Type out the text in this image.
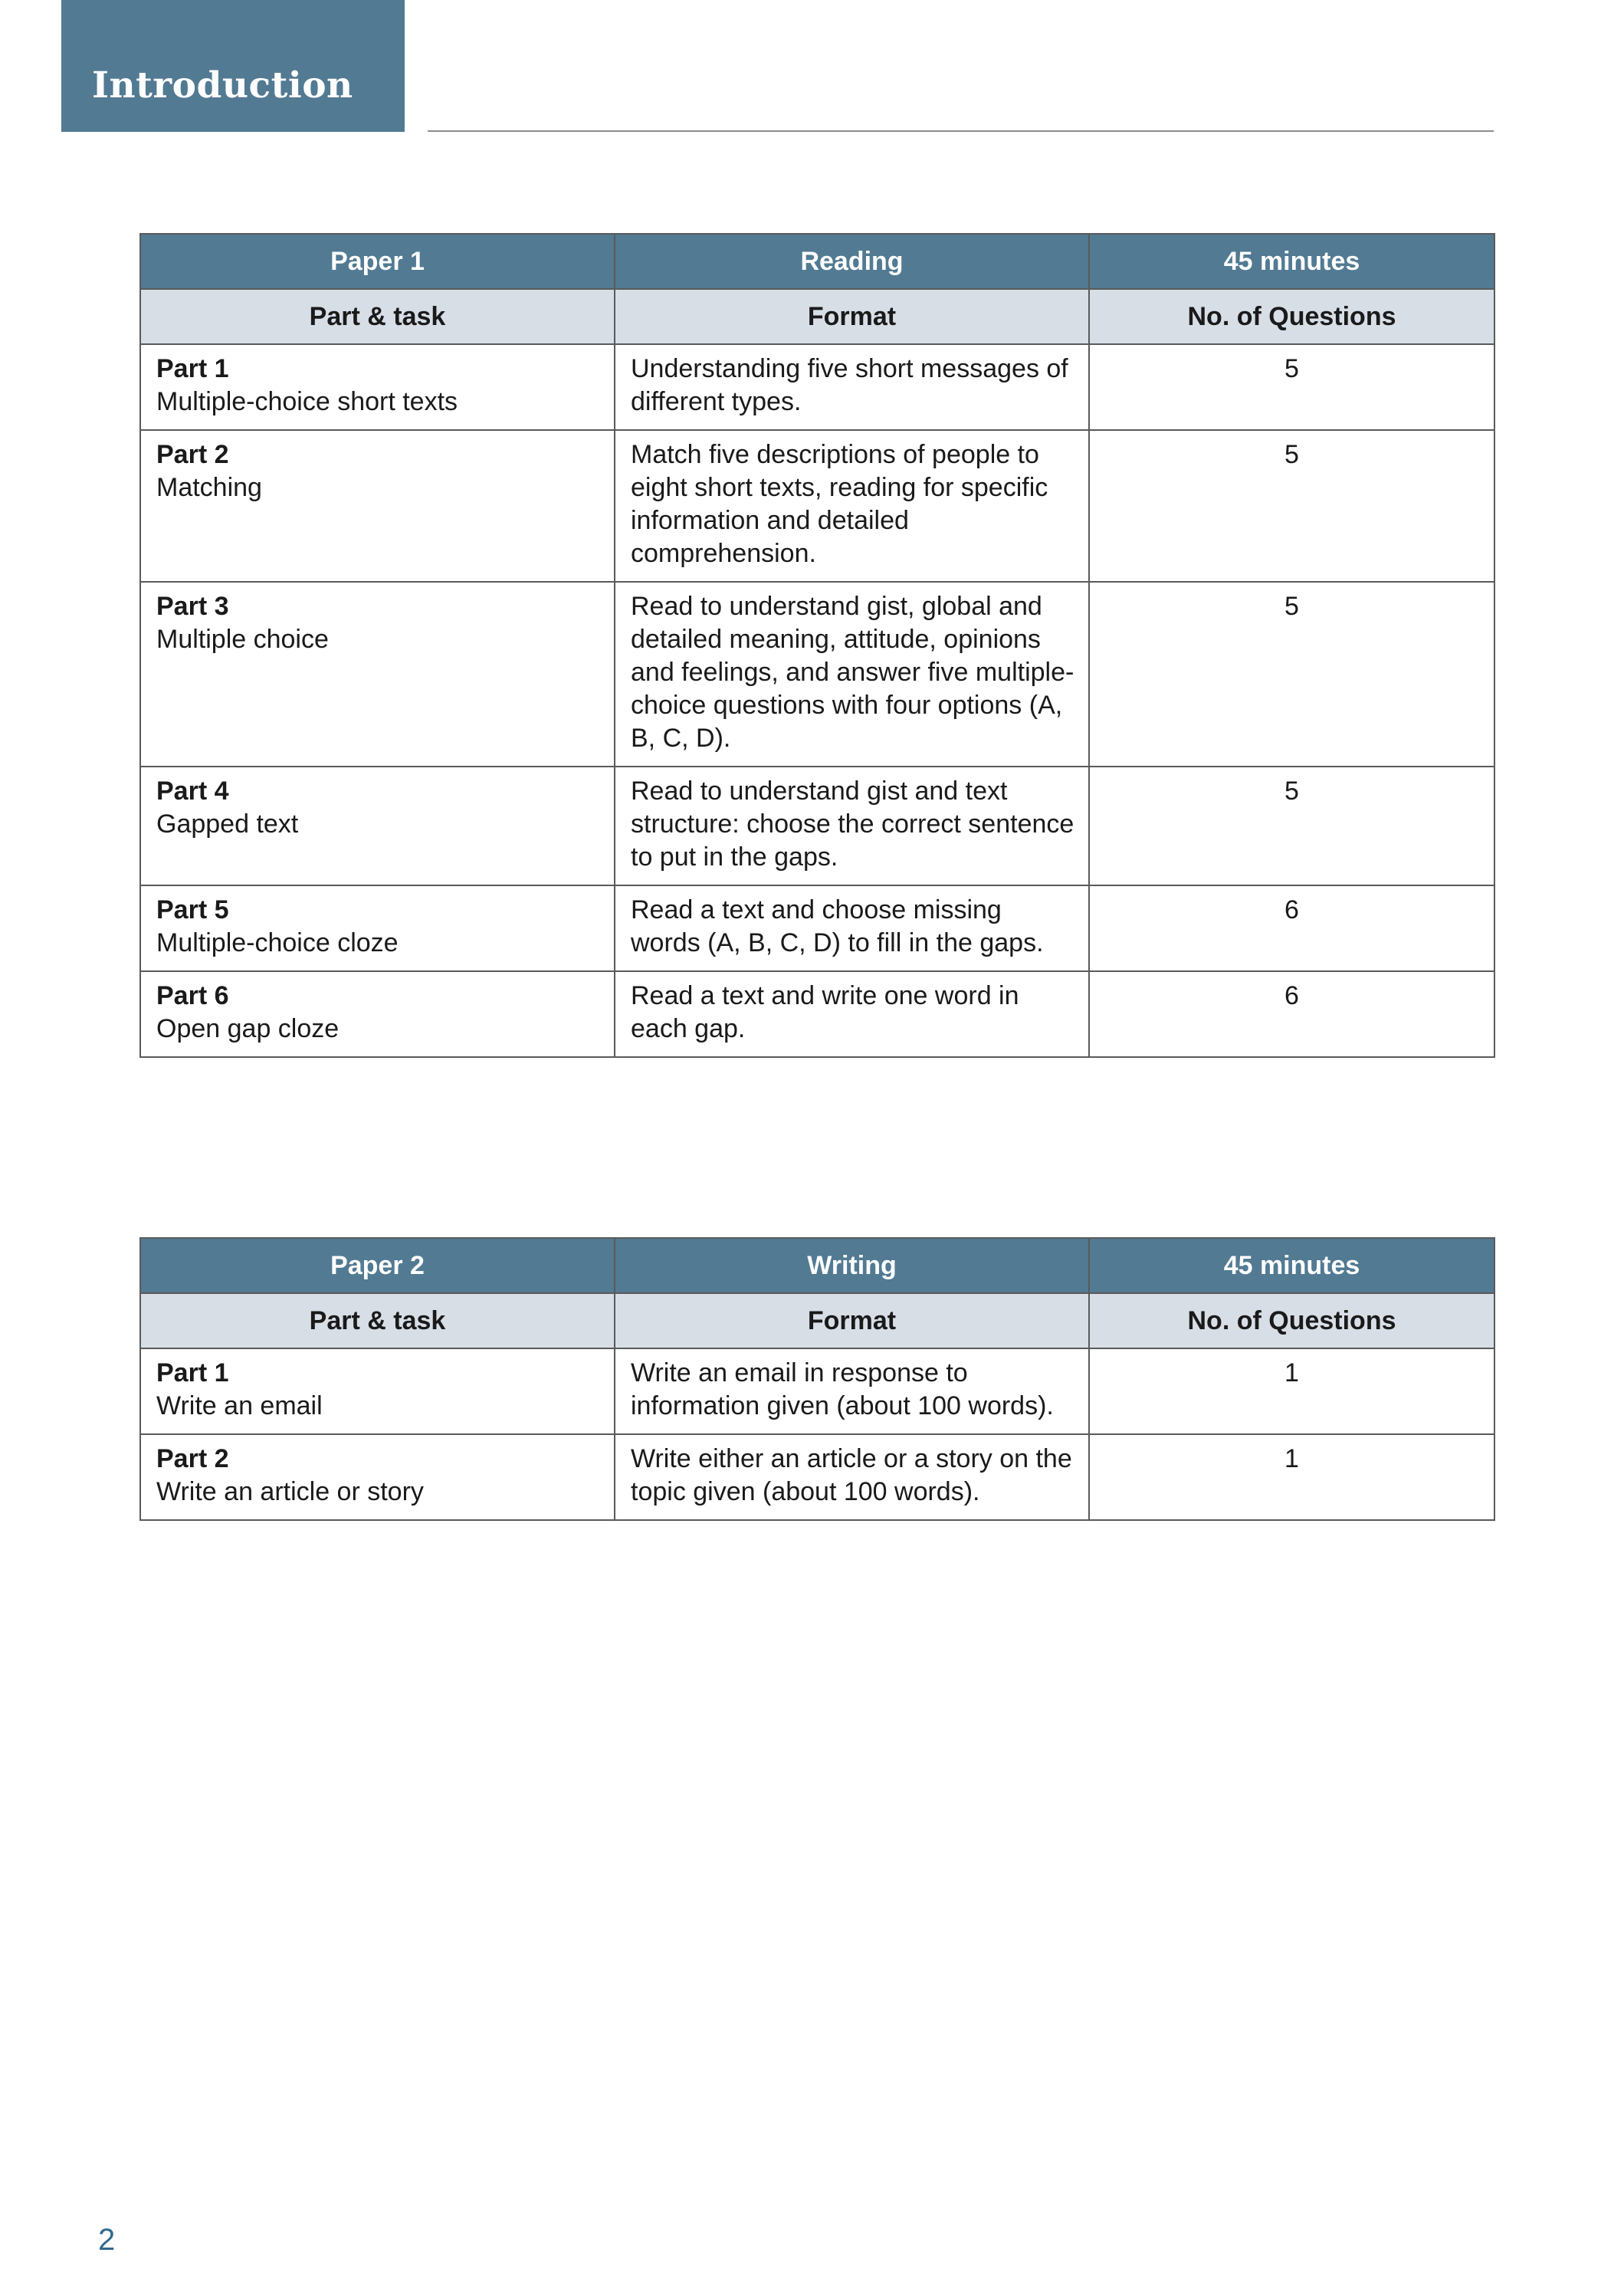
Introduction
Paper 1	Reading	45 minutes
Part & task	Format	No. of Questions

Part 1
Multiple-choice short texts	Understanding five short messages of different types.	5

Part 2
Matching	Match five descriptions of people to eight short texts, reading for specific information and detailed comprehension.	5

Part 3
Multiple choice	Read to understand gist, global and detailed meaning, attitude, opinions and feelings, and answer five multiple-choice questions with four options (A, B, C, D).	5

Part 4
Gapped text	Read to understand gist and text structure: choose the correct sentence to put in the gaps.	5

Part 5
Multiple-choice cloze	Read a text and choose missing words (A, B, C, D) to fill in the gaps.	6

Part 6
Open gap cloze	Read a text and write one word in each gap.	6
Paper 2	Writing	45 minutes
Part & task	Format	No. of Questions

Part 1
Write an email	Write an email in response to information given (about 100 words).	1

Part 2
Write an article or story	Write either an article or a story on the topic given (about 100 words).	1
2
